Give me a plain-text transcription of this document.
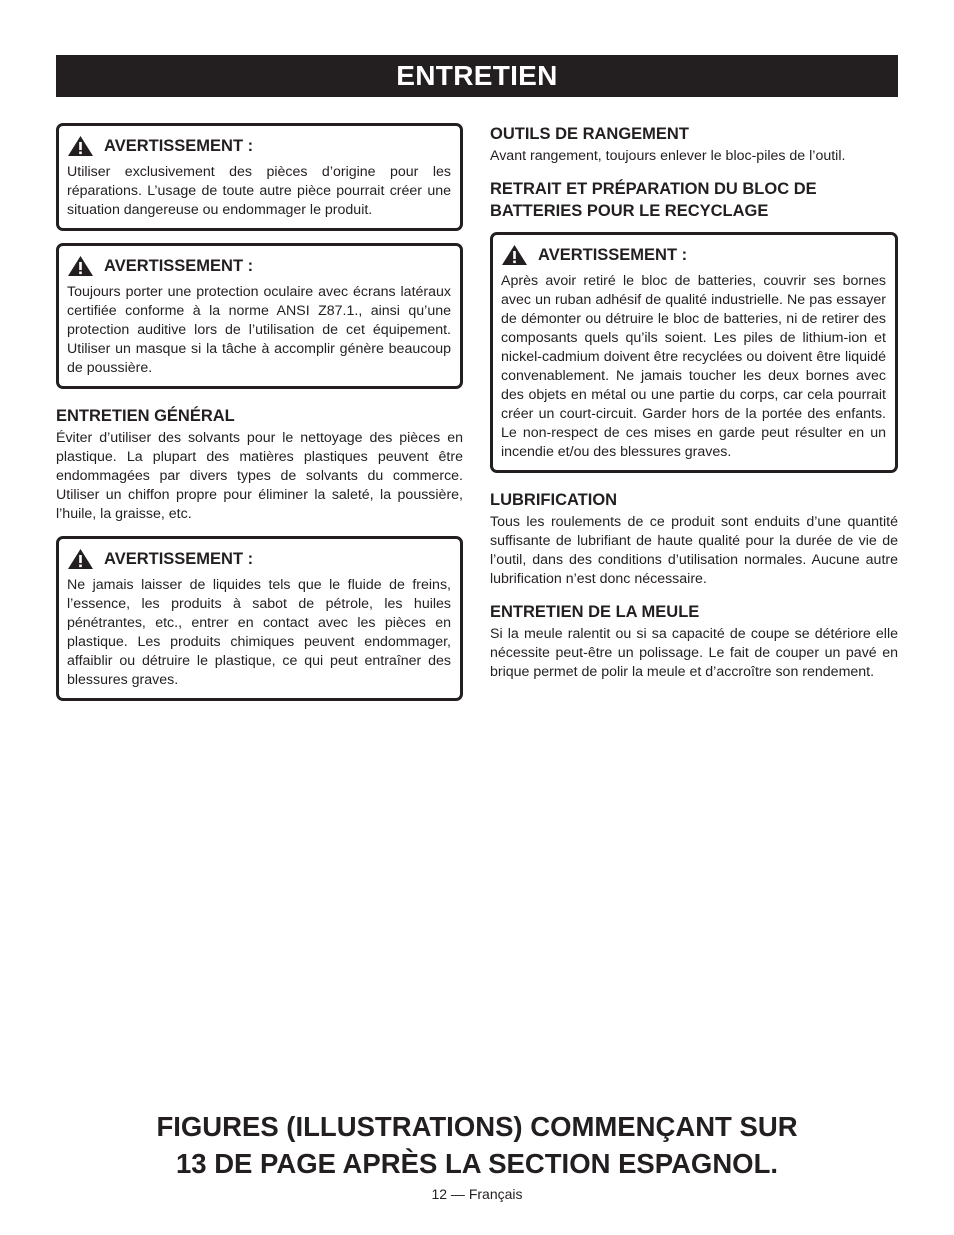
ENTRETIEN
AVERTISSEMENT :

Utiliser exclusivement des pièces d’origine pour les réparations. L’usage de toute autre pièce pourrait créer une situation dangereuse ou endommager le produit.

AVERTISSEMENT :

Toujours porter une protection oculaire avec écrans latéraux certifiée conforme à la norme ANSI Z87.1., ainsi qu’une protection auditive lors de l’utilisation de cet équipement. Utiliser un masque si la tâche à accomplir génère beaucoup de poussière.

ENTRETIEN GÉNÉRAL

Éviter d’utiliser des solvants pour le nettoyage des pièces en plastique. La plupart des matières plastiques peuvent être endommagées par divers types de solvants du commerce. Utiliser un chiffon propre pour éliminer la saleté, la poussière, l’huile, la graisse, etc.

AVERTISSEMENT :

Ne jamais laisser de liquides tels que le fluide de freins, l’essence, les produits à sabot de pétrole, les huiles pénétrantes, etc., entrer en contact avec les pièces en plastique. Les produits chimiques peuvent endommager, affaiblir ou détruire le plastique, ce qui peut entraîner des blessures graves.

OUTILS DE RANGEMENT

Avant rangement, toujours enlever le bloc-piles de l’outil.

RETRAIT ET PRÉPARATION DU BLOC DE BATTERIES POUR LE RECYCLAGE
AVERTISSEMENT :

Après avoir retiré le bloc de batteries, couvrir ses bornes avec un ruban adhésif de qualité industrielle. Ne pas essayer de démonter ou détruire le bloc de batteries, ni de retirer des composants quels qu’ils soient. Les piles de lithium-ion et nickel-cadmium doivent être recyclées ou doivent être liquidé convenablement. Ne jamais toucher les deux bornes avec des objets en métal ou une partie du corps, car cela pourrait créer un court-circuit. Garder hors de la portée des enfants. Le non-respect de ces mises en garde peut résulter en un incendie et/ou des blessures graves.

LUBRIFICATION

Tous les roulements de ce produit sont enduits d’une quantité suffisante de lubrifiant de haute qualité pour la durée de vie de l’outil, dans des conditions d’utilisation normales. Aucune autre lubrification n’est donc nécessaire.

ENTRETIEN DE LA MEULE

Si la meule ralentit ou si sa capacité de coupe se détériore elle nécessite peut-être un polissage. Le fait de couper un pavé en brique permet de polir la meule et d’accroître son rendement.

FIGURES (ILLUSTRATIONS) COMMENÇANT SUR
13 DE PAGE APRÈS LA SECTION ESPAGNOL.
12 — Français
